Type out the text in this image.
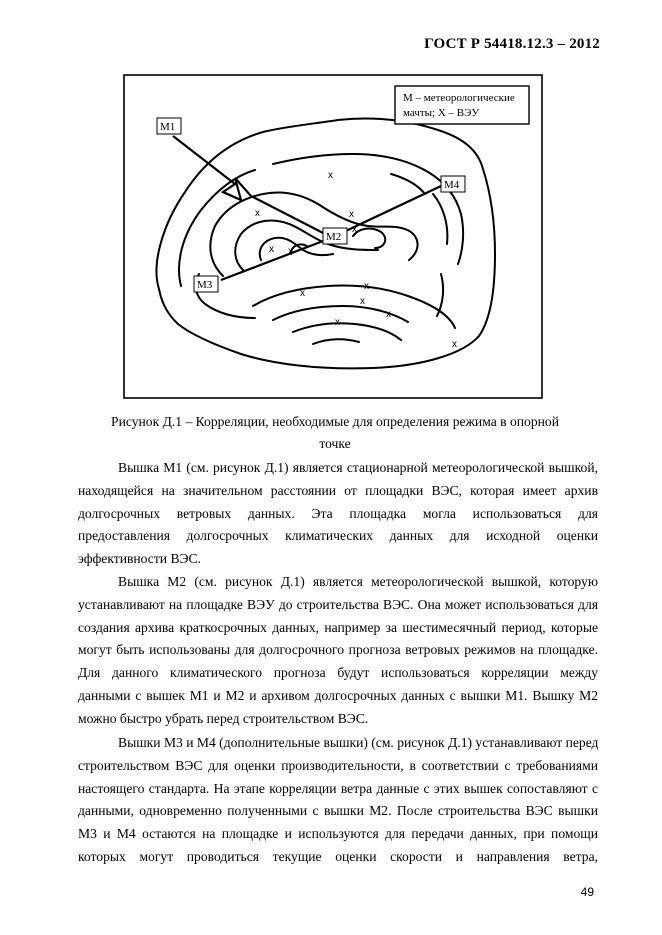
ГОСТ Р 54418.12.3 – 2012
М – метеорологические
мачты; Х – ВЭУ
M1
M2
M3
M4
x
x	x
x
x x
x
x
x
x
x
x
Рисунок Д.1 – Корреляции, необходимые для определения режима в опорной
точке
Вышка М1 (см. рисунок Д.1) является стационарной метеорологической вышкой,
находящейся на значительном расстоянии от площадки ВЭС, которая имеет архив
долгосрочных ветровых данных. Эта площадка могла использоваться для
предоставления долгосрочных климатических данных для исходной оценки
эффективности ВЭС.
Вышка М2 (см. рисунок Д.1) является метеорологической вышкой, которую
устанавливают на площадке ВЭУ до строительства ВЭС. Она может использоваться для
создания архива краткосрочных данных, например за шестимесячный период, которые
могут быть использованы для долгосрочного прогноза ветровых режимов на площадке.
Для данного климатического прогноза будут использоваться корреляции между
данными с вышек М1 и М2 и архивом долгосрочных данных с вышки М1. Вышку М2
можно быстро убрать перед строительством ВЭС.
Вышки М3 и М4 (дополнительные вышки) (см. рисунок Д.1) устанавливают перед
строительством ВЭС для оценки производительности, в соответствии с требованиями
настоящего стандарта. На этапе корреляции ветра данные с этих вышек сопоставляют с
данными, одновременно полученными с вышки М2. После строительства ВЭС вышки
М3 и М4 остаются на площадке и используются для передачи данных, при помощи
которых могут проводиться текущие оценки скорости и направления ветра,
49
